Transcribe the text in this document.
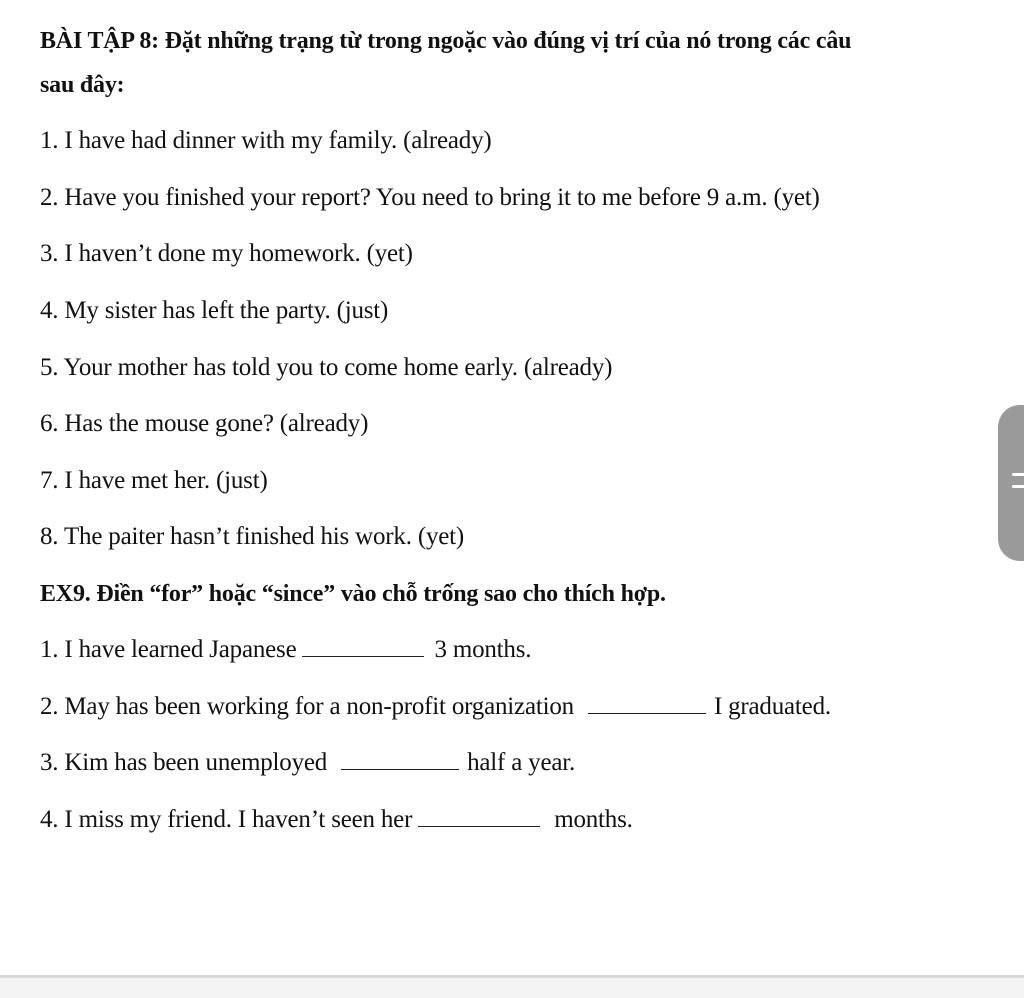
BÀI TẬP 8: Đặt những trạng từ trong ngoặc vào đúng vị trí của nó trong các câu
sau đây:
1. I have had dinner with my family. (already)
2. Have you finished your report? You need to bring it to me before 9 a.m. (yet)
3. I haven’t done my homework. (yet)
4. My sister has left the party. (just)
5. Your mother has told you to come home early. (already)
6. Has the mouse gone? (already)
7. I have met her. (just)
8. The paiter hasn’t finished his work. (yet)
EX9. Điền “for” hoặc “since” vào chỗ trống sao cho thích hợp.
1. I have learned Japanese	3 months.
2. May has been working for a non-profit organization	I graduated.
3. Kim has been unemployed	half a year.
4. I miss my friend. I haven’t seen her	months.
